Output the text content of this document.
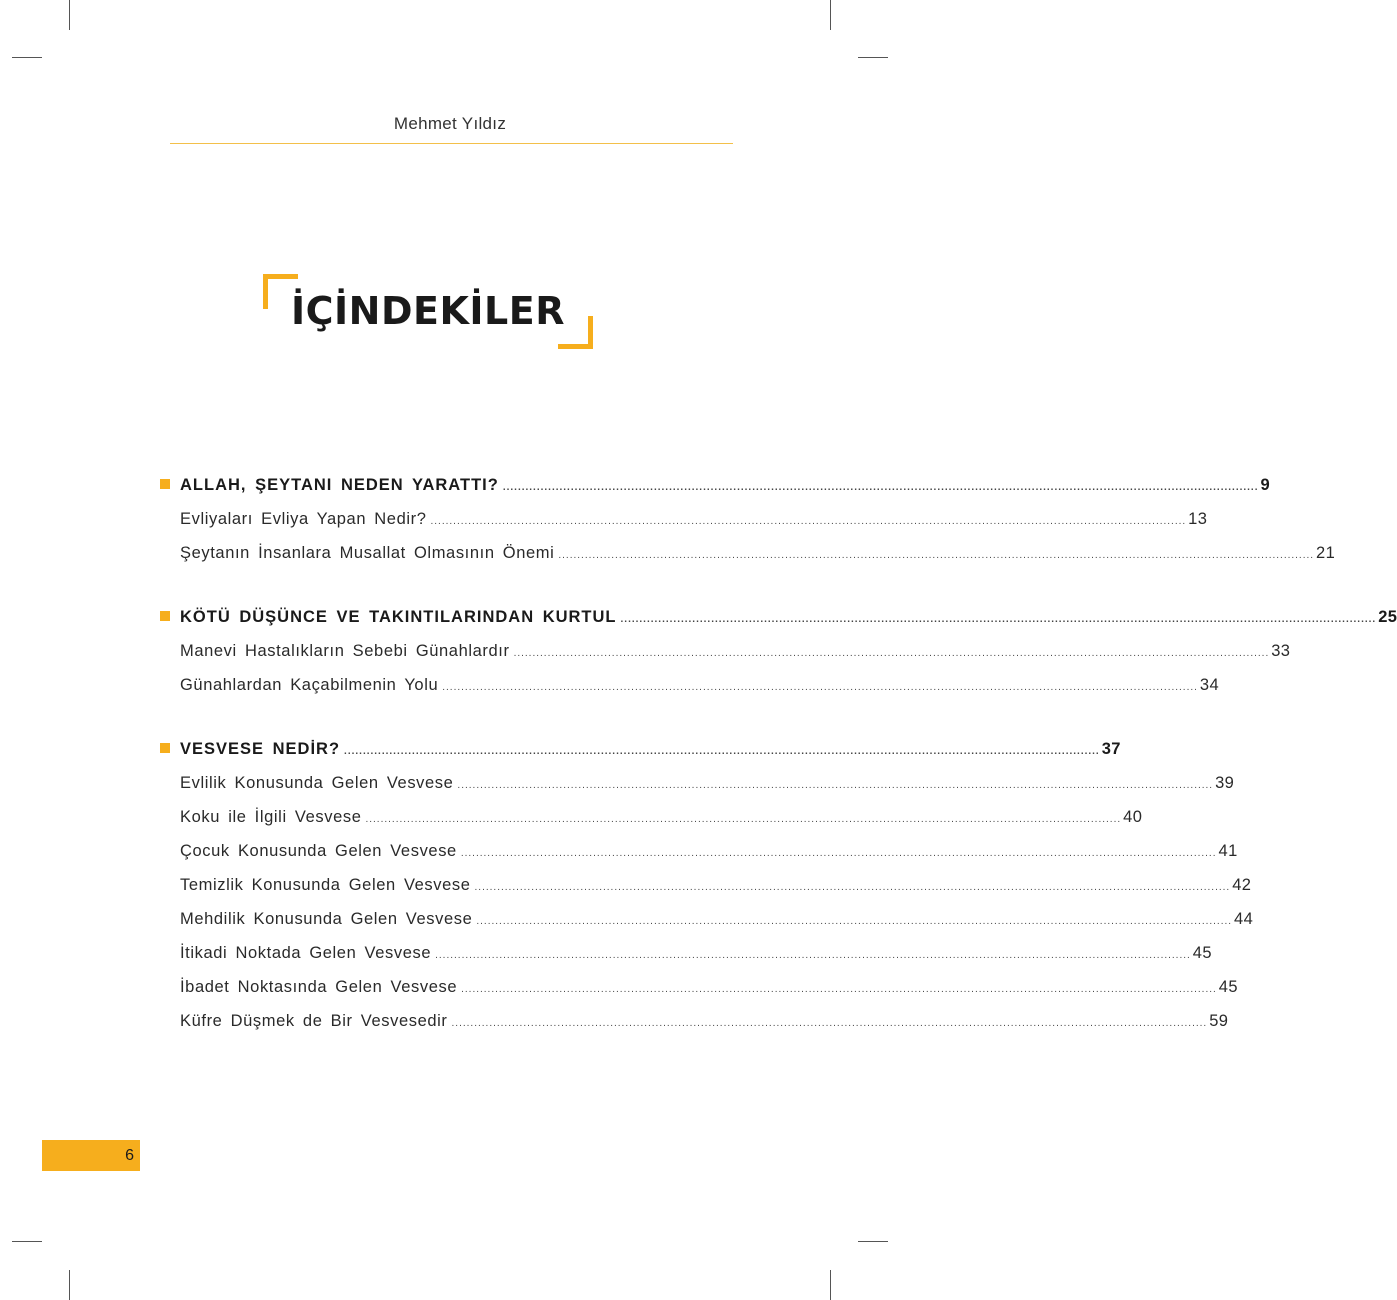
Mehmet Yıldız
İÇİNDEKİLER
ALLAH, ŞEYTANI NEDEN YARATTI? ........................................................................................................................................................................................................ 9
Evliyaları Evliya Yapan Nedir? ........................................................................................................................................................................................................ 13
Şeytanın İnsanlara Musallat Olmasının Önemi ........................................................................................................................................................................................................ 21
KÖTÜ DÜŞÜNCE VE TAKINTILARINDAN KURTUL ........................................................................................................................................................................................................ 25
Manevi Hastalıkların Sebebi Günahlardır ........................................................................................................................................................................................................ 33
Günahlardan Kaçabilmenin Yolu ........................................................................................................................................................................................................ 34
VESVESE NEDİR? ........................................................................................................................................................................................................ 37
Evlilik Konusunda Gelen Vesvese ........................................................................................................................................................................................................ 39
Koku ile İlgili Vesvese ........................................................................................................................................................................................................ 40
Çocuk Konusunda Gelen Vesvese ........................................................................................................................................................................................................ 41
Temizlik Konusunda Gelen Vesvese ........................................................................................................................................................................................................ 42
Mehdilik Konusunda Gelen Vesvese ........................................................................................................................................................................................................ 44
İtikadi Noktada Gelen Vesvese ........................................................................................................................................................................................................ 45
İbadet Noktasında Gelen Vesvese ........................................................................................................................................................................................................ 45
Küfre Düşmek de Bir Vesvesedir ........................................................................................................................................................................................................ 59
6
